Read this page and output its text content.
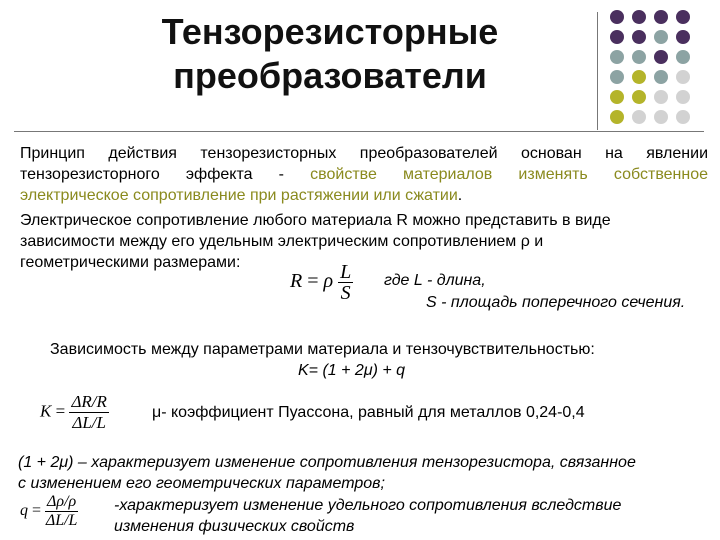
Тензорезисторные
преобразователи
Принцип действия тензорезисторных преобразователей основан на явлении
тензорезисторного эффекта - свойстве материалов изменять собственное
электрическое сопротивление при растяжении или сжатии.
Электрическое сопротивление любого материала R можно представить в виде
зависимости между его удельным электрическим сопротивлением ρ и
геометрическими размерами:
R = ρ $\frac{L}{S}$ где L - длина,
S - площадь поперечного сечения.
Зависимость между параметрами материала и тензочувствительностью:
K= (1 + 2μ) + q
$K = \frac{\Delta R/R}{\Delta L/L}$	μ- коэффициент Пуассона, равный для металлов 0,24-0,4
(1 + 2μ) – характеризует изменение сопротивления тензорезистора, связанное
с изменением его геометрических параметров;
$q = \frac{\Delta\rho/\rho}{\Delta L/L}$ -характеризует изменение удельного сопротивления вследствие
изменения физических свойств
